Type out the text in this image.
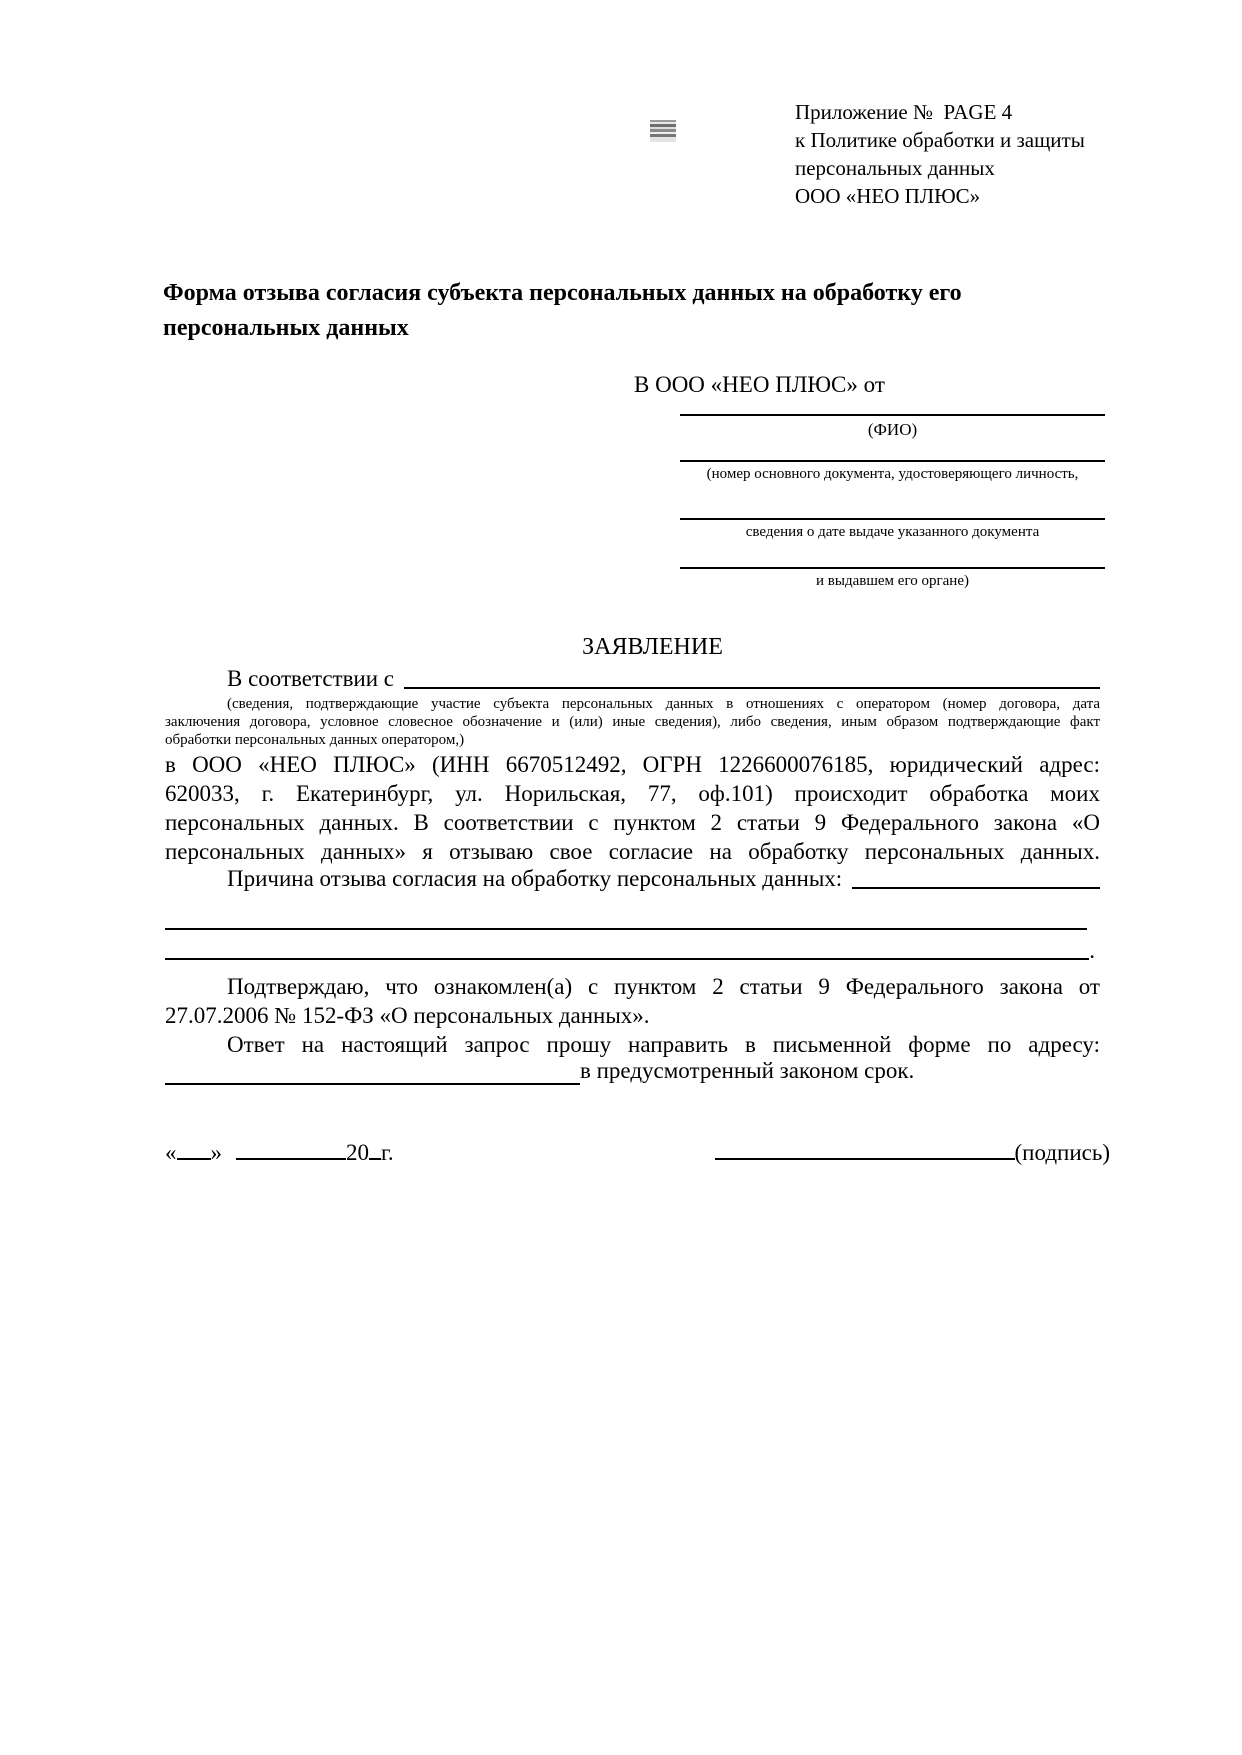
Приложение №  PAGE 4
к Политике обработки и защиты
персональных данных
ООО «НЕО ПЛЮС»
Форма отзыва согласия субъекта персональных данных на обработку его
персональных данных
В ООО «НЕО ПЛЮС» от
(ФИО)
(номер основного документа, удостоверяющего личность,
сведения о дате выдаче указанного документа
и выдавшем его органе)
ЗАЯВЛЕНИЕ
В соответствии с
(сведения, подтверждающие участие субъекта персональных данных в отношениях с оператором (номер договора, дата
заключения договора, условное словесное обозначение и (или) иные сведения), либо сведения, иным образом подтверждающие факт
обработки персональных данных оператором,)
в ООО «НЕО ПЛЮС» (ИНН 6670512492, ОГРН 1226600076185, юридический адрес:
620033, г. Екатеринбург, ул. Норильская, 77, оф.101) происходит обработка моих
персональных данных. В соответствии с пунктом 2 статьи 9 Федерального закона «О
персональных данных» я отзываю свое согласие на обработку персональных данных.
Причина отзыва согласия на обработку персональных данных:
.
Подтверждаю, что ознакомлен(а) с пунктом 2 статьи 9 Федерального закона от
27.07.2006 № 152-ФЗ «О персональных данных».
Ответ на настоящий запрос прошу направить в письменной форме по адресу:
в предусмотренный законом срок.
« »	20 г.	(подпись)
